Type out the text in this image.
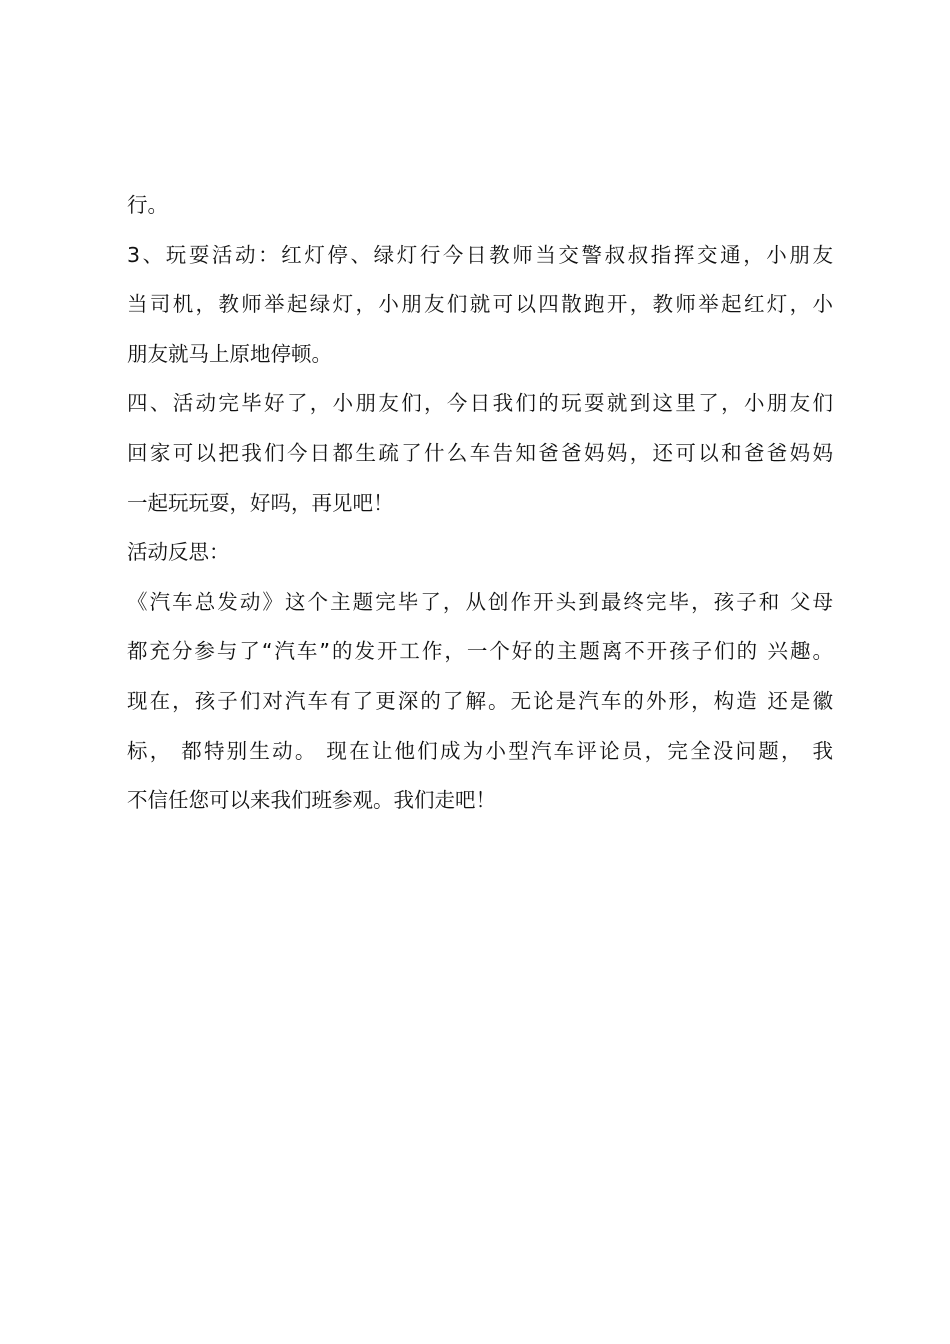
行。
3、玩耍活动：红灯停、绿灯行今日教师当交警叔叔指挥交通，小朋友
当司机，教师举起绿灯，小朋友们就可以四散跑开，教师举起红灯，小
朋友就马上原地停顿。
四、活动完毕好了，小朋友们，今日我们的玩耍就到这里了，小朋友们
回家可以把我们今日都生疏了什么车告知爸爸妈妈，还可以和爸爸妈妈
一起玩玩耍，好吗，再见吧！
活动反思：
《汽车总发动》这个主题完毕了，从创作开头到最终完毕，孩子和 父母
都充分参与了“汽车”的发开工作，一个好的主题离不开孩子们的 兴趣。
现在，孩子们对汽车有了更深的了解。无论是汽车的外形，构造 还是徽
标， 都特别生动。 现在让他们成为小型汽车评论员，完全没问题， 我
不信任您可以来我们班参观。我们走吧！
